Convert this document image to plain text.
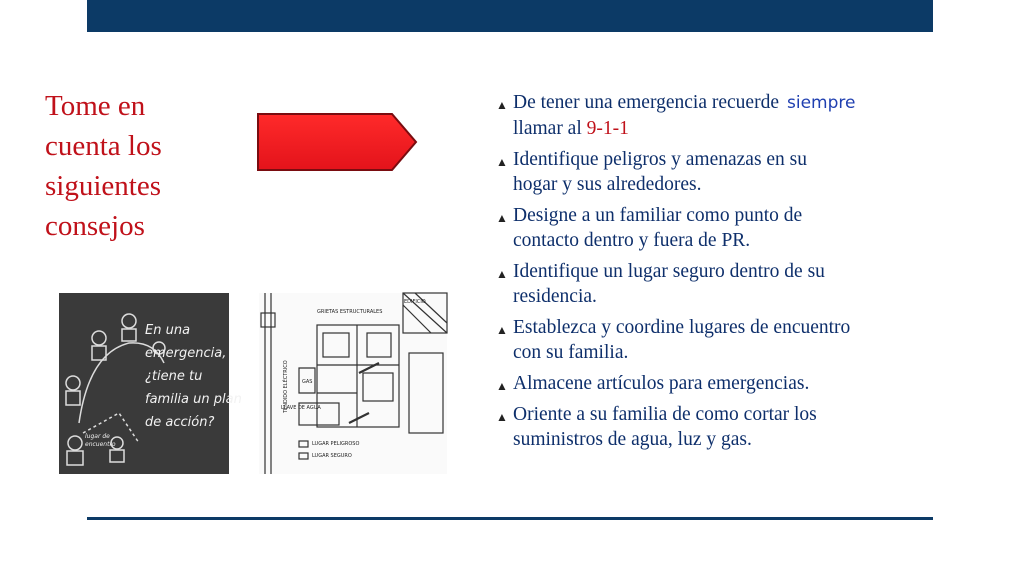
Tome en
cuenta los
siguientes
consejos
En una
emergencia,
¿tiene tu
familia un plan
de acción?
lugar de
encuentro
GRIETAS ESTRUCTURALES
EDIFICIO
TENDIDO ELÉCTRICO	GAS
LLAVE DE AGUA
LUGAR PELIGROSO
LUGAR SEGURO
▲ De tener una emergencia recuerde siempre
llamar al 9-1-1
▲ Identifique peligros y amenazas en su
hogar y sus alrededores.
▲ Designe a un familiar como punto de
contacto dentro y fuera de PR.
▲ Identifique un lugar seguro dentro de su
residencia.
▲ Establezca y coordine lugares de encuentro
con su familia.
▲ Almacene artículos para emergencias.
▲ Oriente a su familia de como cortar los
suministros de agua, luz y gas.
